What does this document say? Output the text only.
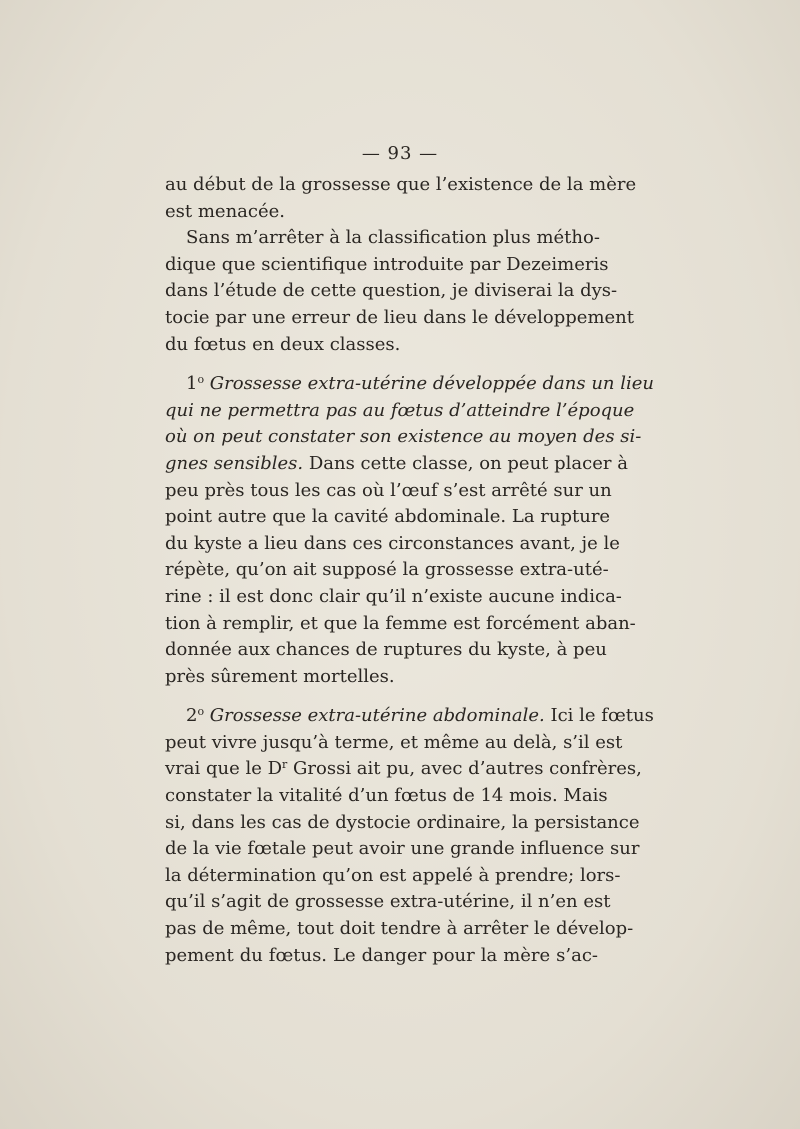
— 93 —
au début de la grossesse que l’existence de la mère
est menacée.
Sans m’arrêter à la classification plus métho-
dique que scientifique introduite par Dezeimeris
dans l’étude de cette question, je diviserai la dys-
tocie par une erreur de lieu dans le développement
du fœtus en deux classes.
1$^o$ Grossesse extra-utérine développée dans un lieu
qui ne permettra pas au fœtus d’atteindre l’époque
où on peut constater son existence au moyen des si-
gnes sensibles. Dans cette classe, on peut placer à
peu près tous les cas où l’œuf s’est arrêté sur un
point autre que la cavité abdominale. La rupture
du kyste a lieu dans ces circonstances avant, je le
répète, qu’on ait supposé la grossesse extra-uté-
rine : il est donc clair qu’il n’existe aucune indica-
tion à remplir, et que la femme est forcément aban-
donnée aux chances de ruptures du kyste, à peu
près sûrement mortelles.
2$^o$ Grossesse extra-utérine abdominale. Ici le fœtus
peut vivre jusqu’à terme, et même au delà, s’il est
vrai que le $D^r$ Grossi ait pu, avec d’autres confrères,
constater la vitalité d’un fœtus de 14 mois. Mais
si, dans les cas de dystocie ordinaire, la persistance
de la vie fœtale peut avoir une grande influence sur
la détermination qu’on est appelé à prendre; lors-
qu’il s’agit de grossesse extra-utérine, il n’en est
pas de même, tout doit tendre à arrêter le dévelop-
pement du fœtus. Le danger pour la mère s’ac-
